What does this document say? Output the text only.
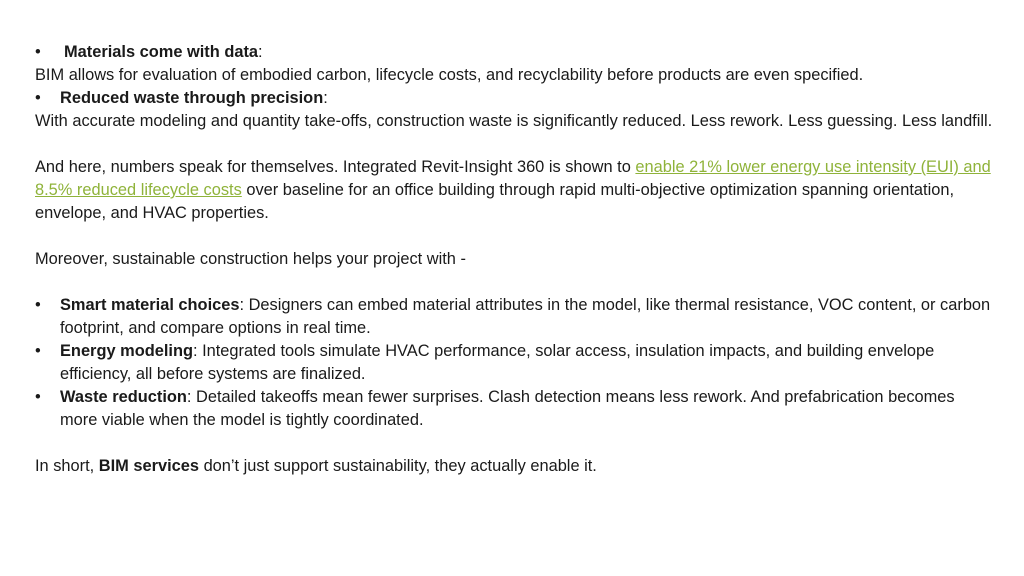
• Materials come with data:
BIM allows for evaluation of embodied carbon, lifecycle costs, and recyclability before products are even specified.
• Reduced waste through precision:
With accurate modeling and quantity take-offs, construction waste is significantly reduced. Less rework. Less guessing. Less landfill.
And here, numbers speak for themselves. Integrated Revit-Insight 360 is shown to enable 21% lower energy use intensity (EUI) and 8.5% reduced lifecycle costs over baseline for an office building through rapid multi-objective optimization spanning orientation, envelope, and HVAC properties.
Moreover, sustainable construction helps your project with -
• Smart material choices: Designers can embed material attributes in the model, like thermal resistance, VOC content, or carbon footprint, and compare options in real time.
• Energy modeling: Integrated tools simulate HVAC performance, solar access, insulation impacts, and building envelope efficiency, all before systems are finalized.
• Waste reduction: Detailed takeoffs mean fewer surprises. Clash detection means less rework. And prefabrication becomes more viable when the model is tightly coordinated.
In short, BIM services don’t just support sustainability, they actually enable it.
